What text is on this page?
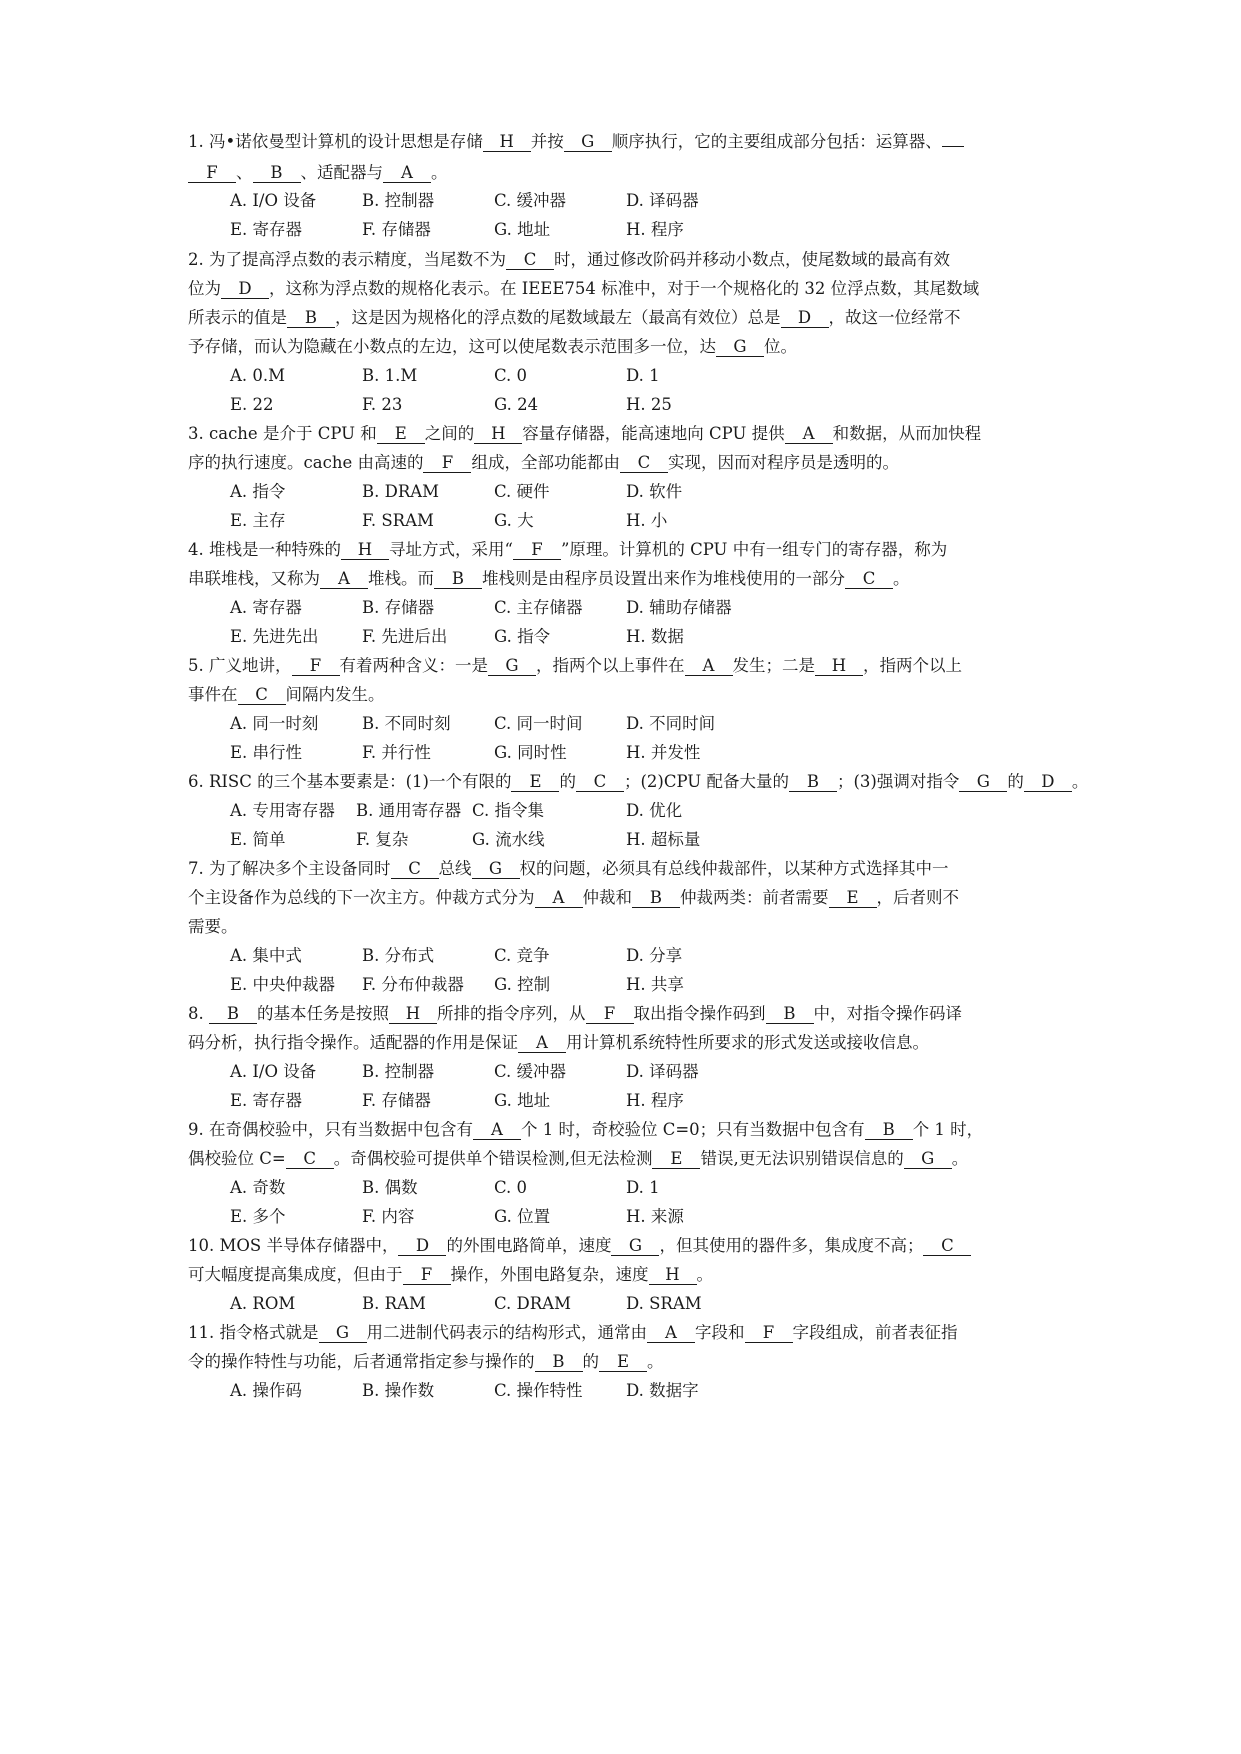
1. 冯•诺依曼型计算机的设计思想是存储 H 并按 G 顺序执行，它的主要组成部分包括：运算器、
F 、 B 、适配器与 A 。
A. I/O 设备	B. 控制器	C. 缓冲器	D. 译码器
E. 寄存器	F. 存储器	G. 地址	H. 程序
2. 为了提高浮点数的表示精度，当尾数不为 C 时，通过修改阶码并移动小数点，使尾数域的最高有效
位为 D ，这称为浮点数的规格化表示。在 IEEE754 标准中，对于一个规格化的 32 位浮点数，其尾数域
所表示的值是 B ，这是因为规格化的浮点数的尾数域最左（最高有效位）总是 D ，故这一位经常不
予存储，而认为隐藏在小数点的左边，这可以使尾数表示范围多一位，达 G 位。
A. 0.M	B. 1.M	C. 0	D. 1
E. 22	F. 23	G. 24	H. 25
3. cache 是介于 CPU 和 E 之间的 H 容量存储器，能高速地向 CPU 提供 A 和数据，从而加快程
序的执行速度。cache 由高速的 F 组成，全部功能都由 C 实现，因而对程序员是透明的。
A. 指令	B. DRAM	C. 硬件	D. 软件
E. 主存	F. SRAM	G. 大	H. 小
4. 堆栈是一种特殊的 H 寻址方式，采用“ F ”原理。计算机的 CPU 中有一组专门的寄存器，称为
串联堆栈，又称为 A 堆栈。而 B 堆栈则是由程序员设置出来作为堆栈使用的一部分 C 。
A. 寄存器	B. 存储器	C. 主存储器	D. 辅助存储器
E. 先进先出	F. 先进后出	G. 指令	H. 数据
5. 广义地讲， F 有着两种含义：一是 G ，指两个以上事件在 A 发生；二是 H ，指两个以上
事件在 C 间隔内发生。
A. 同一时刻	B. 不同时刻	C. 同一时间	D. 不同时间
E. 串行性	F. 并行性	G. 同时性	H. 并发性
6. RISC 的三个基本要素是：(1)一个有限的 E 的 C ；(2)CPU 配备大量的 B ；(3)强调对指令 G 的 D 。
A. 专用寄存器 B. 通用寄存器 C. 指令集	D. 优化
E. 简单	F. 复杂	G. 流水线	H. 超标量
7. 为了解决多个主设备同时 C 总线 G 权的问题，必须具有总线仲裁部件，以某种方式选择其中一
个主设备作为总线的下一次主方。仲裁方式分为 A 仲裁和 B 仲裁两类：前者需要 E ，后者则不
需要。
A. 集中式	B. 分布式	C. 竞争	D. 分享
E. 中央仲裁器 F. 分布仲裁器 G. 控制	H. 共享
8. B 的基本任务是按照 H 所排的指令序列，从 F 取出指令操作码到 B 中，对指令操作码译
码分析，执行指令操作。适配器的作用是保证 A 用计算机系统特性所要求的形式发送或接收信息。
A. I/O 设备	B. 控制器	C. 缓冲器	D. 译码器
E. 寄存器	F. 存储器	G. 地址	H. 程序
9. 在奇偶校验中，只有当数据中包含有 A 个 1 时，奇校验位 C=0；只有当数据中包含有 B 个 1 时，
偶校验位 C= C 。奇偶校验可提供单个错误检测,但无法检测 E 错误,更无法识别错误信息的 G 。
A. 奇数	B. 偶数	C. 0	D. 1
E. 多个	F. 内容	G. 位置	H. 来源
10. MOS 半导体存储器中， D 的外围电路简单，速度 G ，但其使用的器件多，集成度不高； C
可大幅度提高集成度，但由于 F 操作，外围电路复杂，速度 H 。
A. ROM	B. RAM	C. DRAM	D. SRAM
11. 指令格式就是 G 用二进制代码表示的结构形式，通常由 A 字段和 F 字段组成，前者表征指
令的操作特性与功能，后者通常指定参与操作的 B 的 E 。
A. 操作码	B. 操作数	C. 操作特性	D. 数据字
